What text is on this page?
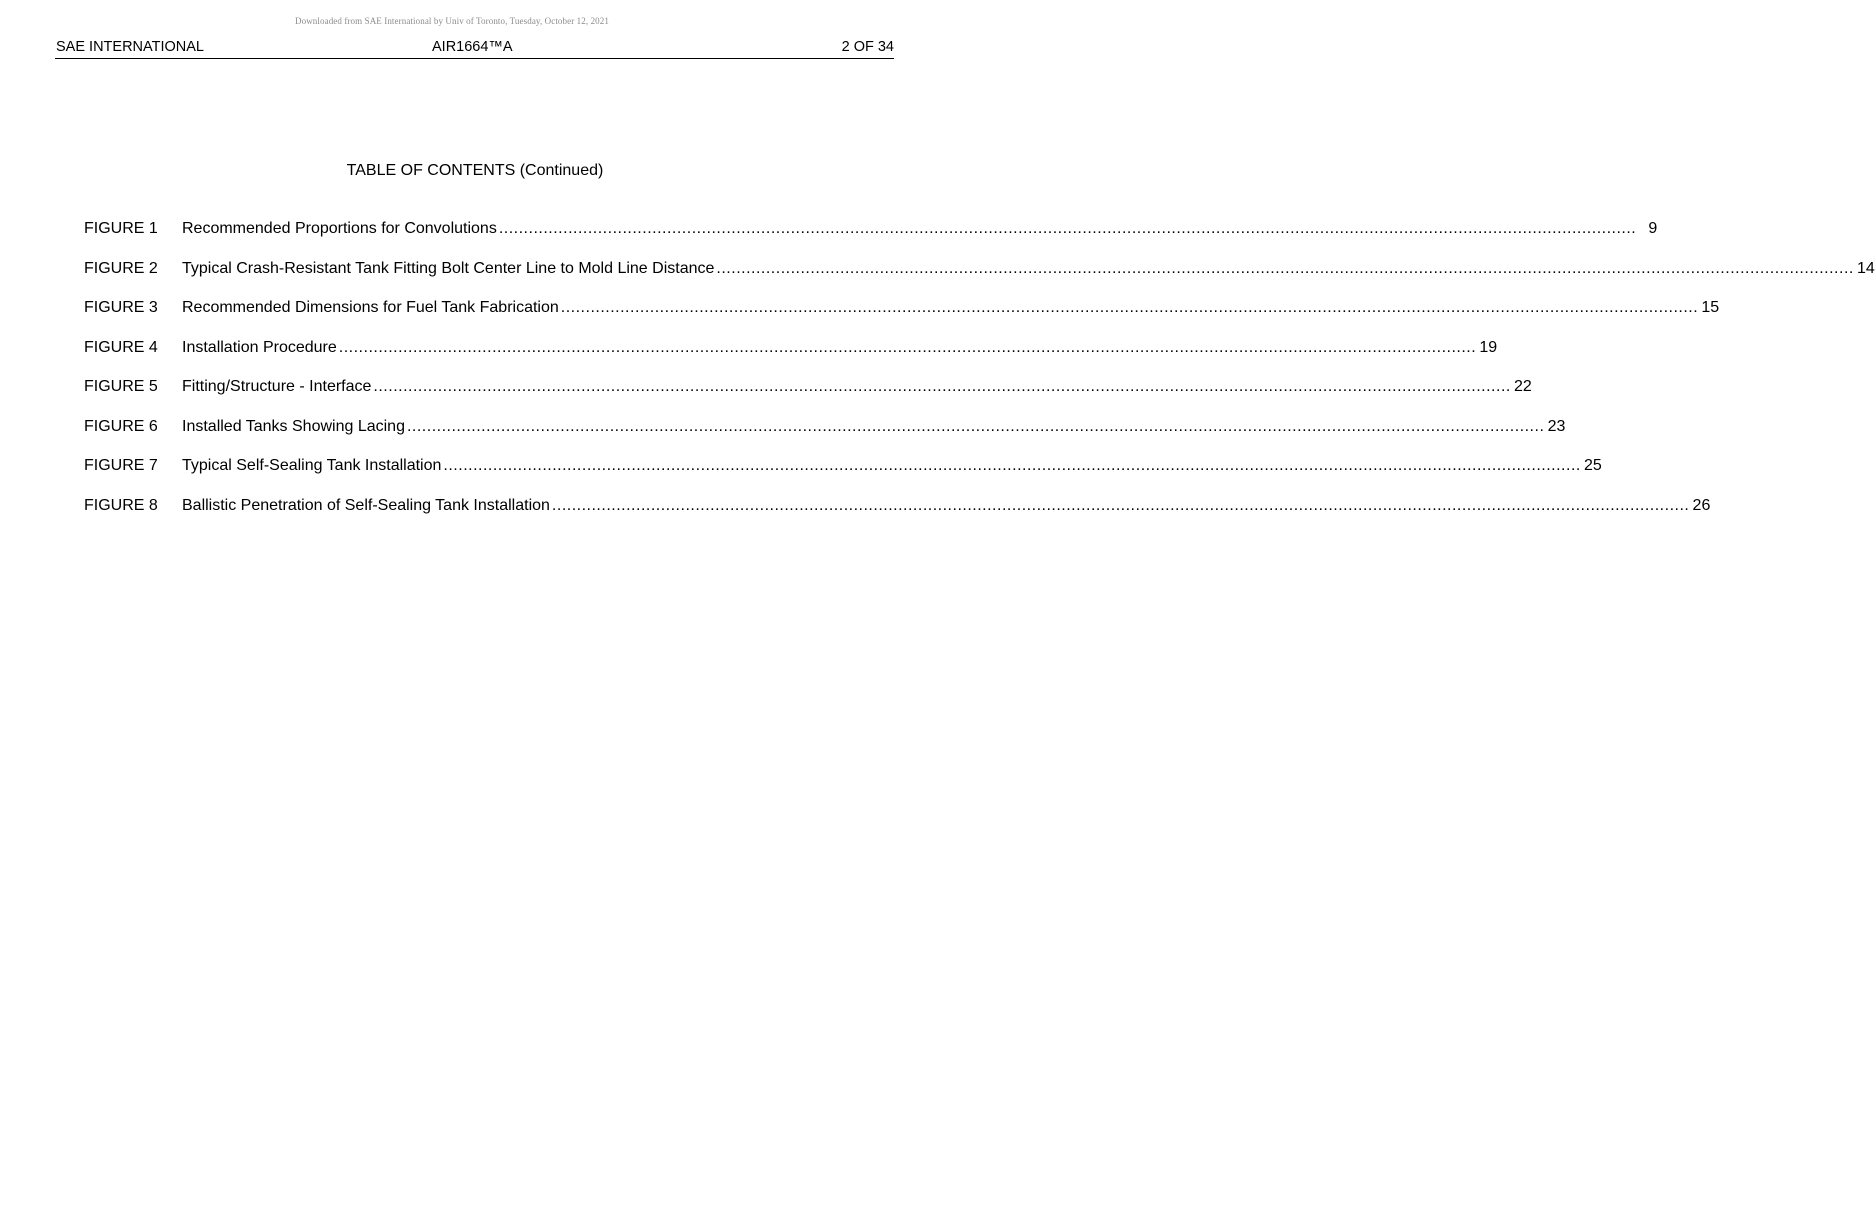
Downloaded from SAE International by Univ of Toronto, Tuesday, October 12, 2021
SAE INTERNATIONAL	AIR1664™A	2 OF 34
TABLE OF CONTENTS (Continued)
FIGURE 1	Recommended Proportions for Convolutions .....	9
FIGURE 2	Typical Crash-Resistant Tank Fitting Bolt Center Line to Mold Line Distance .....	14
FIGURE 3	Recommended Dimensions for Fuel Tank Fabrication .....	15
FIGURE 4	Installation Procedure .....	19
FIGURE 5	Fitting/Structure - Interface .....	22
FIGURE 6	Installed Tanks Showing Lacing .....	23
FIGURE 7	Typical Self-Sealing Tank Installation .....	25
FIGURE 8	Ballistic Penetration of Self-Sealing Tank Installation .....	26
